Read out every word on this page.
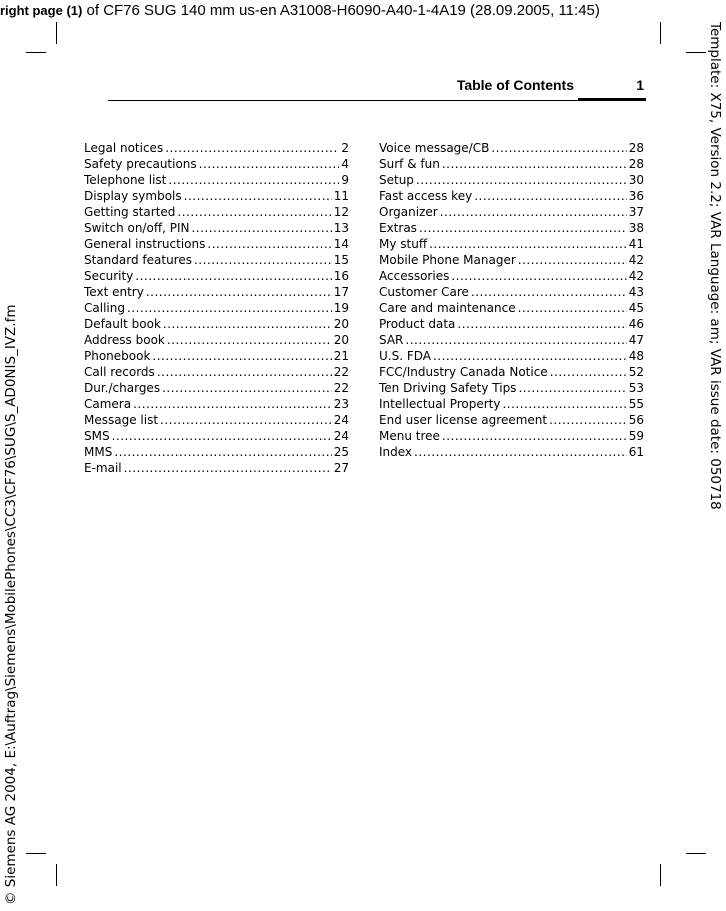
right page (1) of CF76 SUG 140 mm us-en A31008-H6090-A40-1-4A19 (28.09.2005, 11:45)
© Siemens AG 2004, E:\Auftrag\Siemens\MobilePhones\CC3\CF76\SUG\S_AD0NIS_IVZ.fm
Template: X75, Version 2.2; VAR Language: am; VAR issue date: 050718
Table of Contents	1
Legal notices .....	2
Safety precautions .....	4
Telephone list .....	9
Display symbols .....	11
Getting started .....	12
Switch on/off, PIN .....	13
General instructions .....	14
Standard features .....	15
Security .....	16
Text entry .....	17
Calling .....	19
Default book .....	20
Address book .....	20
Phonebook .....	21
Call records .....	22
Dur./charges .....	22
Camera .....	23
Message list .....	24
SMS .....	24
MMS .....	25
E-mail .....	27
Voice message/CB .....	28
Surf & fun .....	28
Setup .....	30
Fast access key .....	36
Organizer .....	37
Extras .....	38
My stuff .....	41
Mobile Phone Manager .....	42
Accessories .....	42
Customer Care .....	43
Care and maintenance .....	45
Product data .....	46
SAR .....	47
U.S. FDA .....	48
FCC/Industry Canada Notice .....	52
Ten Driving Safety Tips .....	53
Intellectual Property .....	55
End user license agreement .....	56
Menu tree .....	59
Index .....	61
